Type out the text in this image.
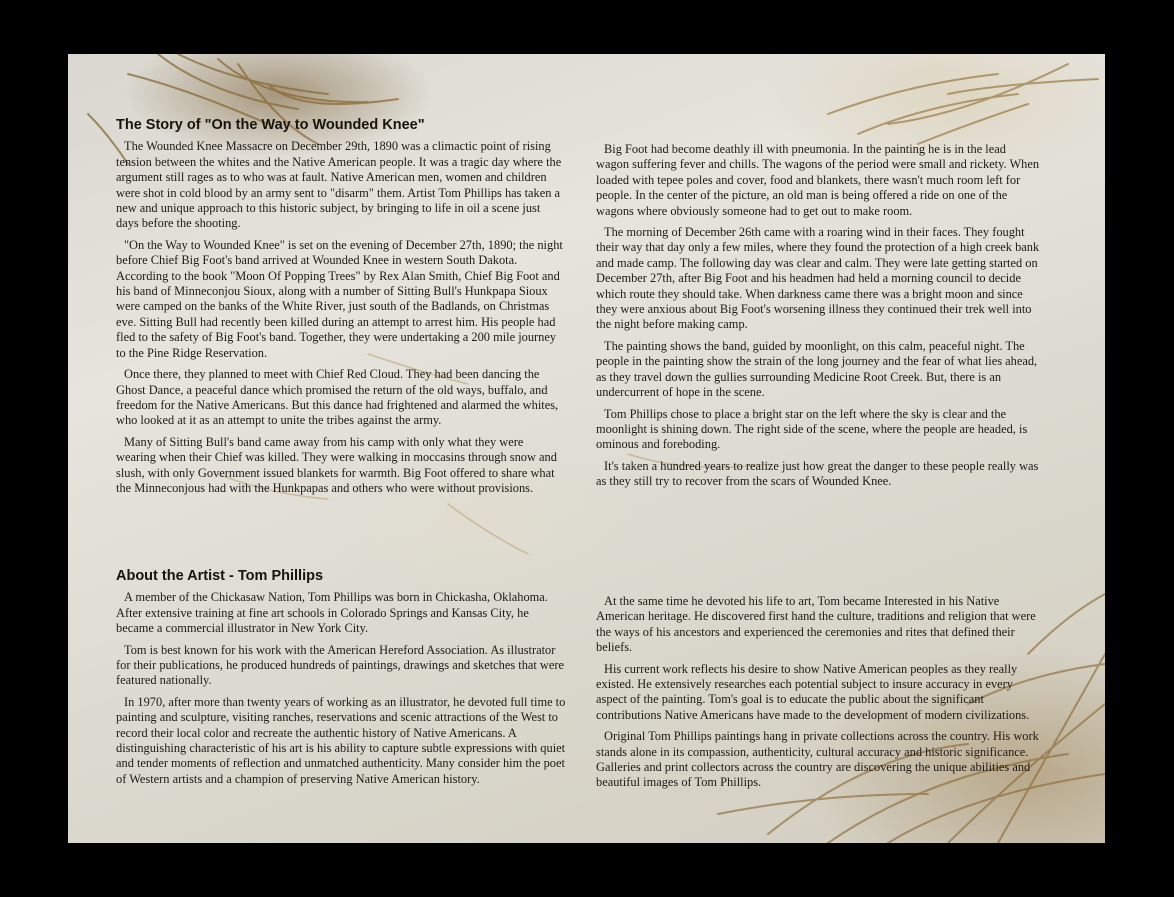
The Story of "On the Way to Wounded Knee"

The Wounded Knee Massacre on December 29th, 1890 was a climactic point of rising tension between the whites and the Native American people. It was a tragic day where the argument still rages as to who was at fault. Native American men, women and children were shot in cold blood by an army sent to "disarm" them. Artist Tom Phillips has taken a new and unique approach to this historic subject, by bringing to life in oil a scene just days before the shooting.

"On the Way to Wounded Knee" is set on the evening of December 27th, 1890; the night before Chief Big Foot's band arrived at Wounded Knee in western South Dakota. According to the book "Moon Of Popping Trees" by Rex Alan Smith, Chief Big Foot and his band of Minneconjou Sioux, along with a number of Sitting Bull's Hunkpapa Sioux were camped on the banks of the White River, just south of the Badlands, on Christmas eve. Sitting Bull had recently been killed during an attempt to arrest him. His people had fled to the safety of Big Foot's band. Together, they were undertaking a 200 mile journey to the Pine Ridge Reservation.

Once there, they planned to meet with Chief Red Cloud. They had been dancing the Ghost Dance, a peaceful dance which promised the return of the old ways, buffalo, and freedom for the Native Americans. But this dance had frightened and alarmed the whites, who looked at it as an attempt to unite the tribes against the army.

Many of Sitting Bull's band came away from his camp with only what they were wearing when their Chief was killed. They were walking in moccasins through snow and slush, with only Government issued blankets for warmth. Big Foot offered to share what the Minneconjous had with the Hunkpapas and others who were without provisions.

Big Foot had become deathly ill with pneumonia. In the painting he is in the lead wagon suffering fever and chills. The wagons of the period were small and rickety. When loaded with tepee poles and cover, food and blankets, there wasn't much room left for people. In the center of the picture, an old man is being offered a ride on one of the wagons where obviously someone had to get out to make room.

The morning of December 26th came with a roaring wind in their faces. They fought their way that day only a few miles, where they found the protection of a high creek bank and made camp. The following day was clear and calm. They were late getting started on December 27th, after Big Foot and his headmen had held a morning council to decide which route they should take. When darkness came there was a bright moon and since they were anxious about Big Foot's worsening illness they continued their trek well into the night before making camp.

The painting shows the band, guided by moonlight, on this calm, peaceful night. The people in the painting show the strain of the long journey and the fear of what lies ahead, as they travel down the gullies surrounding Medicine Root Creek. But, there is an undercurrent of hope in the scene.

Tom Phillips chose to place a bright star on the left where the sky is clear and the moonlight is shining down. The right side of the scene, where the people are headed, is ominous and foreboding.

It's taken a hundred years to realize just how great the danger to these people really was as they still try to recover from the scars of Wounded Knee.

About the Artist - Tom Phillips

A member of the Chickasaw Nation, Tom Phillips was born in Chickasha, Oklahoma. After extensive training at fine art schools in Colorado Springs and Kansas City, he became a commercial illustrator in New York City.

Tom is best known for his work with the American Hereford Association. As illustrator for their publications, he produced hundreds of paintings, drawings and sketches that were featured nationally.

In 1970, after more than twenty years of working as an illustrator, he devoted full time to painting and sculpture, visiting ranches, reservations and scenic attractions of the West to record their local color and recreate the authentic history of Native Americans. A distinguishing characteristic of his art is his ability to capture subtle expressions with quiet and tender moments of reflection and unmatched authenticity. Many consider him the poet of Western artists and a champion of preserving Native American history.

At the same time he devoted his life to art, Tom became Interested in his Native American heritage. He discovered first hand the culture, traditions and religion that were the ways of his ancestors and experienced the ceremonies and rites that defined their beliefs.

His current work reflects his desire to show Native American peoples as they really existed. He extensively researches each potential subject to insure accuracy in every aspect of the painting. Tom's goal is to educate the public about the significant contributions Native Americans have made to the development of modern civilizations.

Original Tom Phillips paintings hang in private collections across the country. His work stands alone in its compassion, authenticity, cultural accuracy and historic significance. Galleries and print collectors across the country are discovering the unique abilities and beautiful images of Tom Phillips.
